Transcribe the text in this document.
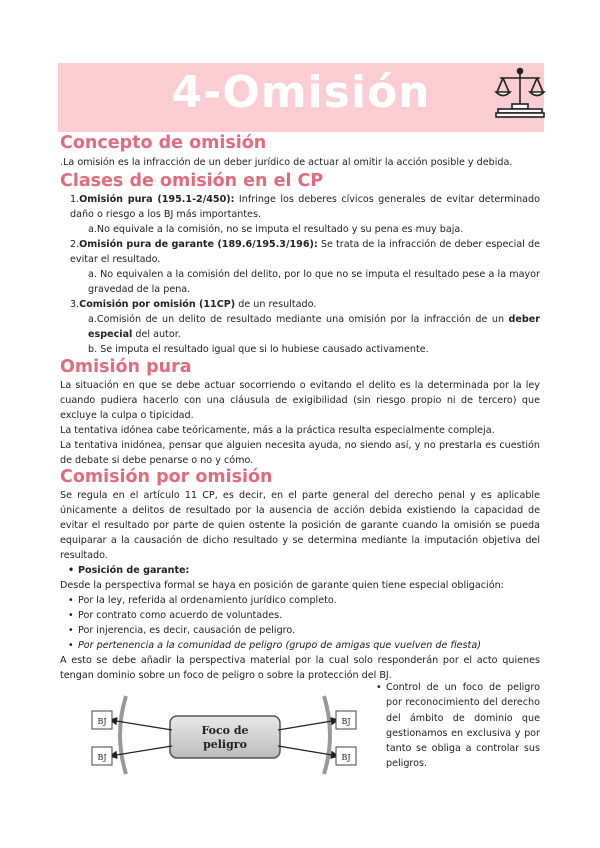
4-Omisión
Concepto de omisión
.La omisión es la infracción de un deber jurídico de actuar al omitir la acción posible y debida.
Clases de omisión en el CP
1.Omisión pura (195.1-2/450): Infringe los deberes cívicos generales de evitar determinado daño o riesgo a los BJ más importantes.
a.No equivale a la comisión, no se imputa el resultado y su pena es muy baja.
2.Omisión pura de garante (189.6/195.3/196): Se trata de la infracción de deber especial de evitar el resultado.
a. No equivalen a la comisión del delito, por lo que no se imputa el resultado pese a la mayor gravedad de la pena.
3.Comisión por omisión (11CP) de un resultado.
a.Comisión de un delito de resultado mediante una omisión por la infracción de un deber especial del autor.
b. Se imputa el resultado igual que si lo hubiese causado activamente.
Omisión pura
La situación en que se debe actuar socorriendo o evitando el delito es la determinada por la ley cuando pudiera hacerlo con una cláusula de exigibilidad (sin riesgo propio ni de tercero) que excluye la culpa o tipicidad.
La tentativa idónea cabe teóricamente, más a la práctica resulta especialmente compleja.
La tentativa inidónea, pensar que alguien necesita ayuda, no siendo así, y no prestarla es cuestión de debate si debe penarse o no y cómo.
Comisión por omisión
Se regula en el artículo 11 CP, es decir, en el parte general del derecho penal y es aplicable únicamente a delitos de resultado por la ausencia de acción debida existiendo la capacidad de evitar el resultado por parte de quien ostente la posición de garante cuando la omisión se pueda equiparar a la causación de dicho resultado y se determina mediante la imputación objetiva del resultado.
• Posición de garante:
Desde la perspectiva formal se haya en posición de garante quien tiene especial obligación:
• Por la ley, referida al ordenamiento jurídico completo.
• Por contrato como acuerdo de voluntades.
• Por injerencia, es decir, causación de peligro.
• Por pertenencia a la comunidad de peligro (grupo de amigas que vuelven de fiesta)
A esto se debe añadir la perspectiva material por la cual solo responderán por el acto quienes tengan dominio sobre un foco de peligro o sobre la protección del BJ.
BJ
BJ
BJ
BJ
Foco de
peligro
• Control de un foco de peligro por reconocimiento del derecho del ámbito de dominio que gestionamos en exclusiva y por tanto se obliga a controlar sus peligros.
